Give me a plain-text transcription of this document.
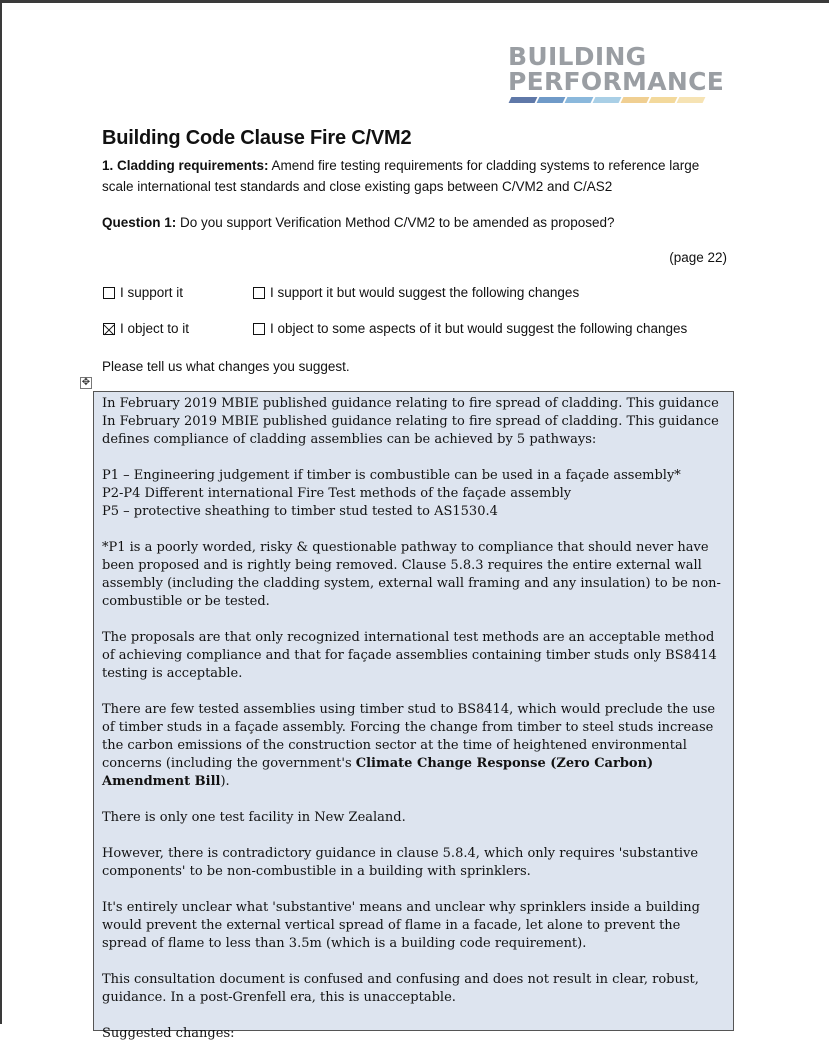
BUILDING
PERFORMANCE
Building Code Clause Fire C/VM2
1. Cladding requirements: Amend fire testing requirements for cladding systems to reference large scale international test standards and close existing gaps between C/VM2 and C/AS2
Question 1: Do you support Verification Method C/VM2 to be amended as proposed?
(page 22)
I support it	I support it but would suggest the following changes
I object to it	I object to some aspects of it but would suggest the following changes
Please tell us what changes you suggest.
✥

In February 2019 MBIE published guidance relating to fire spread of cladding. This guidance In February 2019 MBIE published guidance relating to fire spread of cladding. This guidance defines compliance of cladding assemblies can be achieved by 5 pathways:

P1 – Engineering judgement if timber is combustible can be used in a façade assembly*
P2-P4 Different international Fire Test methods of the façade assembly
P5 – protective sheathing to timber stud tested to AS1530.4

*P1 is a poorly worded, risky & questionable pathway to compliance that should never have been proposed and is rightly being removed. Clause 5.8.3 requires the entire external wall assembly (including the cladding system, external wall framing and any insulation) to be non-combustible or be tested.

The proposals are that only recognized international test methods are an acceptable method of achieving compliance and that for façade assemblies containing timber studs only BS8414 testing is acceptable.

There are few tested assemblies using timber stud to BS8414, which would preclude the use of timber studs in a façade assembly. Forcing the change from timber to steel studs increase the carbon emissions of the construction sector at the time of heightened environmental concerns (including the government's Climate Change Response (Zero Carbon) Amendment Bill).

There is only one test facility in New Zealand.

However, there is contradictory guidance in clause 5.8.4, which only requires 'substantive components' to be non-combustible in a building with sprinklers.

It's entirely unclear what 'substantive' means and unclear why sprinklers inside a building would prevent the external vertical spread of flame in a facade, let alone to prevent the spread of flame to less than 3.5m (which is a building code requirement).

This consultation document is confused and confusing and does not result in clear, robust, guidance. In a post-Grenfell era, this is unacceptable.

Suggested changes:
